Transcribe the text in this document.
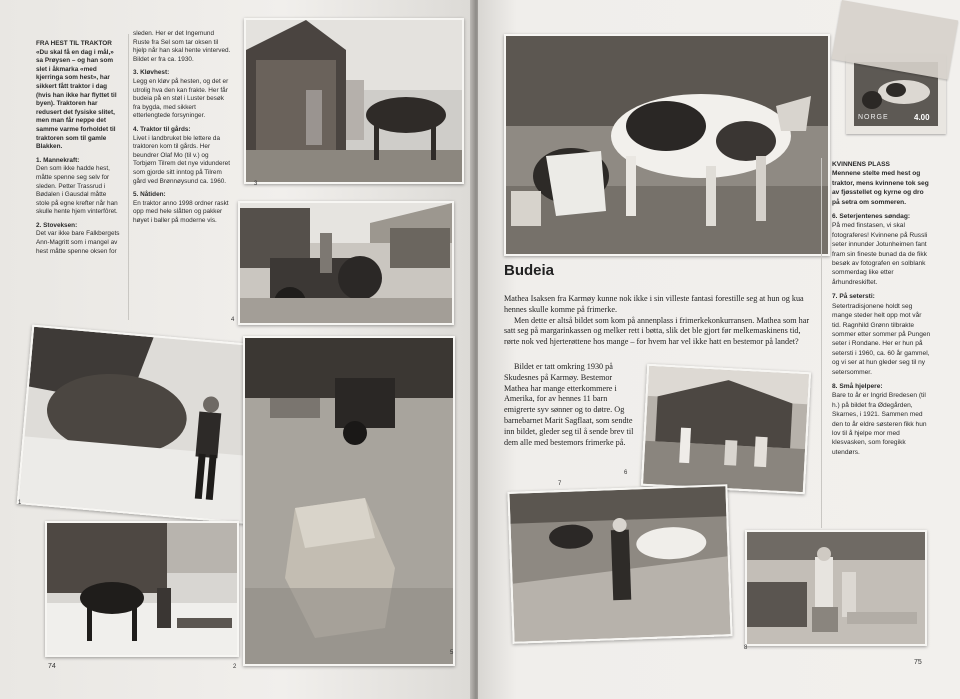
FRA HEST TIL TRAKTOR

«Du skal få en dag i mål,» sa Prøysen – og han som slet i åkmarka «med kjerringa som hest», har sikkert fått traktor i dag (hvis han ikke har flyttet til byen). Traktoren har redusert det fysiske slitet, men man får neppe det samme varme forholdet til traktoren som til gamle Blakken.

1. Mannekraft:

Den som ikke hadde hest, måtte spenne seg selv for sleden. Petter Trassrud i Bødalen i Gausdal måtte stole på egne krefter når han skulle hente hjem vinterfôret.

2. Stoveksen:

Det var ikke bare Falkbergets Ann-Magritt som i mangel av hest måtte spenne oksen for

sleden. Her er det Ingemund Ruste fra Sel som tar oksen til hjelp når han skal hente vinterved. Bildet er fra ca. 1930.

3. Kløvhest:

Legg en kløv på hesten, og det er utrolig hva den kan frakte. Her får budeia på en støl i Luster besøk fra bygda, med sikkert etterlengtede forsyninger.

4. Traktor til gårds:

Livet i landbruket ble lettere da traktoren kom til gårds. Her beundrer Olaf Mo (til v.) og Torbjørn Tilrem det nye vidunderet som gjorde sitt inntog på Tilrem gård ved Brønnøysund ca. 1960.

5. Nåtiden:

En traktor anno 1998 ordner raskt opp med hele slåtten og pakker høyet i baller på moderne vis.

3
4
1
2
5
74
NORGE	4.00
KVINNENS PLASS

Mennene stelte med hest og traktor, mens kvinnene tok seg av fjøsstellet og kyrne og dro på setra om sommeren.

6. Seterjentenes søndag:

På med finstasen, vi skal fotograferes! Kvinnene på Russli seter innunder Jotunheimen fant fram sin fineste bunad da de fikk besøk av fotografen en solblank sommerdag like etter århundreskiftet.

7. På setersti:

Setertradisjonene holdt seg mange steder helt opp mot vår tid. Ragnhild Grønn tilbrakte sommer etter sommer på Pungen seter i Rondane. Her er hun på setersti i 1960, ca. 60 år gammel, og vi ser at hun gleder seg til ny setersommer.

8. Små hjelpere:

Bare to år er Ingrid Bredesen (til h.) på bildet fra Ødegården, Skarnes, i 1921. Sammen med den to år eldre søsteren fikk hun lov til å hjelpe mor med klesvasken, som foregikk utendørs.

Budeia

Mathea Isaksen fra Karmøy kunne nok ikke i sin villeste fantasi forestille seg at hun og kua hennes skulle komme på frimerke.

Men dette er altså bildet som kom på annenplass i frimerkekonkurransen. Mathea som har satt seg på margarinkassen og melker rett i bøtta, slik det ble gjort før melkemaskinens tid, rørte nok ved hjerterøttene hos mange – for hvem har vel ikke hatt en bestemor på landet?

Bildet er tatt omkring 1930 på Skudesnes på Karmøy. Bestemor Mathea har mange etterkommere i Amerika, for av hennes 11 barn emigrerte syv sønner og to døtre. Og barnebarnet Marit Sagflaat, som sendte inn bildet, gleder seg til å sende brev til dem alle med bestemors frimerke på.

6
7
8
75
